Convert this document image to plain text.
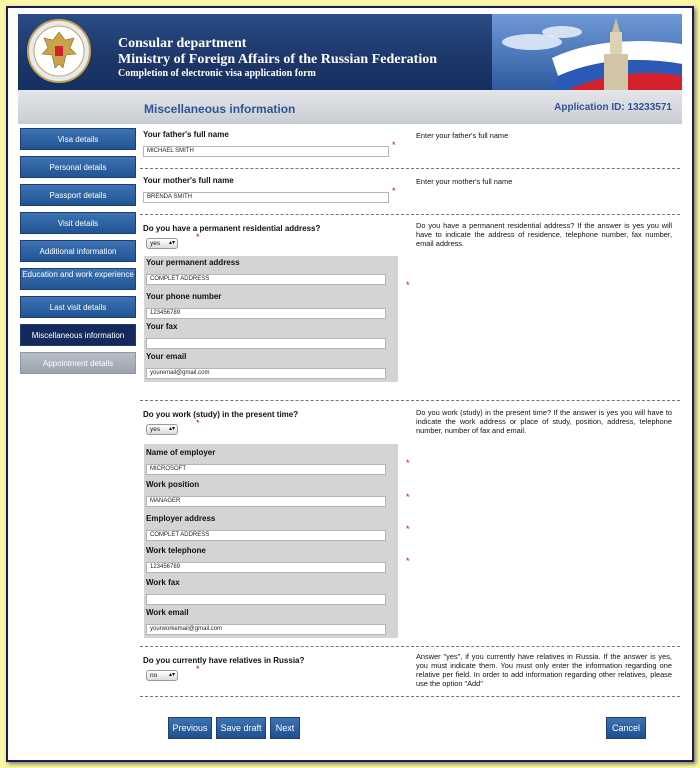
Consular department
Ministry of Foreign Affairs of the Russian Federation
Completion of electronic visa application form
Miscellaneous information	Application ID: 13233571
Visa details
Personal details
Passport details
Visit details
Additional information
Education and work experience
Last visit details
Miscellaneous information
Appointment details
Your father's full name
MICHAEL SMITH
*
Enter your father's full name
Your mother's full name
BRENDA SMITH
*
Enter your mother's full name
Do you have a permanent residential address?
*
yes ▴▾
Do you have a permanent residential address? If the answer is yes you will have to indicate the address of residence, telephone number, fax number, email address.
Your permanent address
COMPLET ADDRESS
Your phone number
123456789
Your fax
Your email
youremail@gmail.com
*
Do you work (study) in the present time?
*
yes ▴▾
Do you work (study) in the present time? If the answer is yes you will have to indicate the work address or place of study, position, address, telephone number, number of fax and email.
Name of employer
MICROSOFT
Work position
MANAGER
Employer address
COMPLET ADDRESS
Work telephone
123456789
Work fax
Work email
yourworkemail@gmail.com
*
*
*
*
Do you currently have relatives in Russia?
*
no ▴▾
Answer "yes", if you currently have relatives in Russia. If the answer is yes, you must indicate them. You must only enter the information regarding one relative per field. In order to add information regarding other relatives, please use the option "Add"
Previous	Save draft	Next	Cancel
